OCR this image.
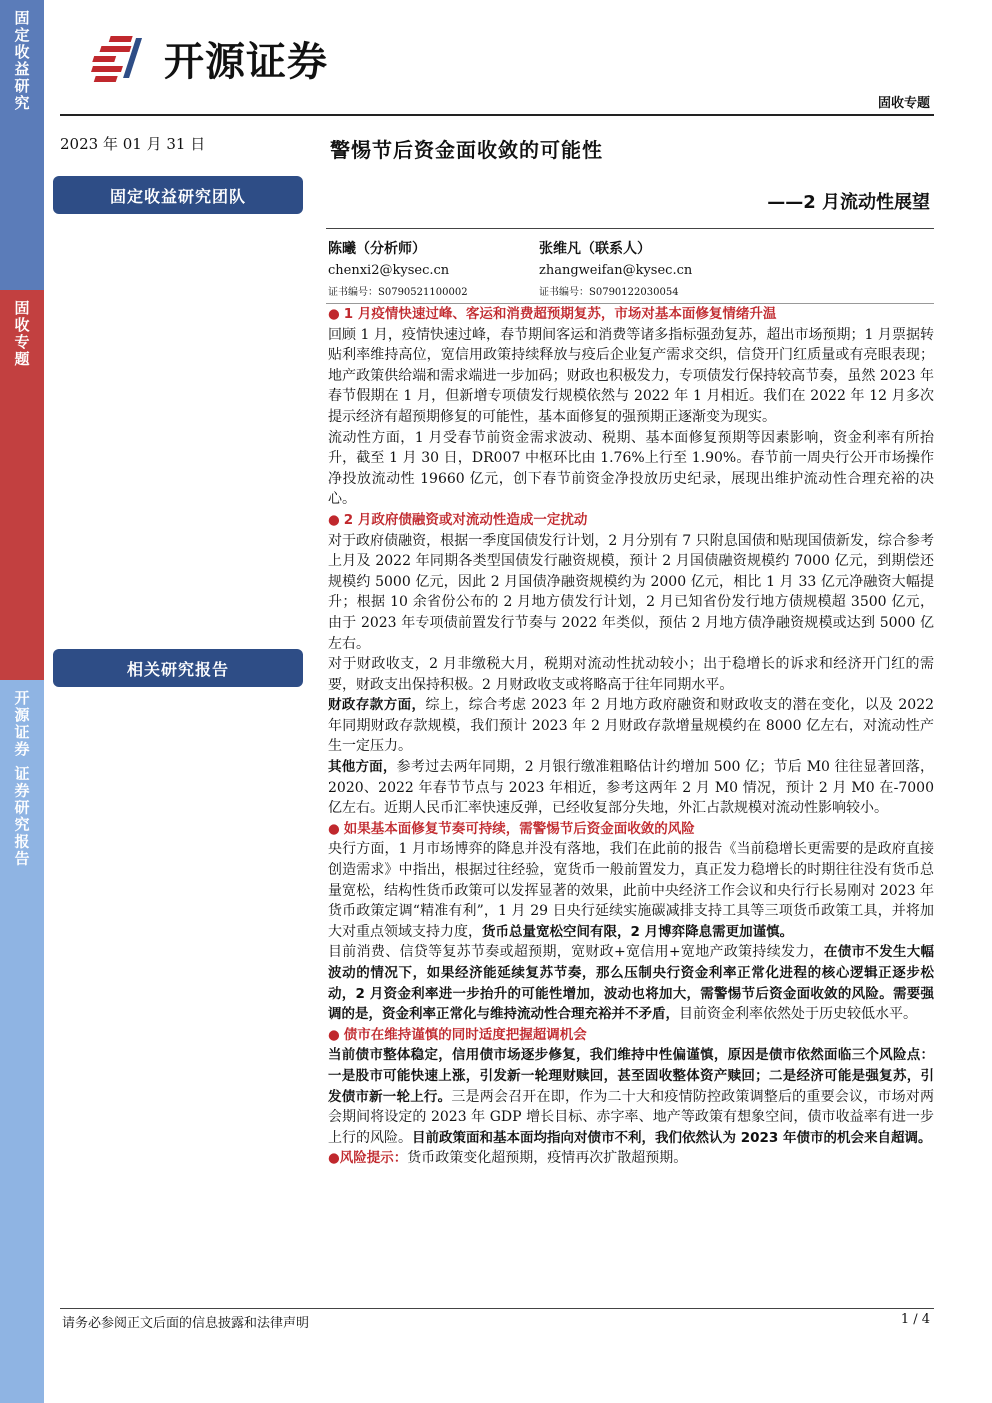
固定收益研究
固收专题
开源证券 证券研究报告
开源证券
固收专题
2023 年 01 月 31 日
固定收益研究团队
相关研究报告
警惕节后资金面收敛的可能性
——2 月流动性展望
陈曦（分析师）
chenxi2@kysec.cn
证书编号：S0790521100002
张维凡（联系人）
zhangweifan@kysec.cn
证书编号：S0790122030054

● 1 月疫情快速过峰、客运和消费超预期复苏，市场对基本面修复情绪升温

回顾 1 月，疫情快速过峰，春节期间客运和消费等诸多指标强劲复苏，超出市场预期；1 月票据转贴利率维持高位，宽信用政策持续释放与疫后企业复产需求交织，信贷开门红质量或有亮眼表现；地产政策供给端和需求端进一步加码；财政也积极发力，专项债发行保持较高节奏，虽然 2023 年春节假期在 1 月，但新增专项债发行规模依然与 2022 年 1 月相近。我们在 2022 年 12 月多次提示经济有超预期修复的可能性，基本面修复的强预期正逐渐变为现实。

流动性方面，1 月受春节前资金需求波动、税期、基本面修复预期等因素影响，资金利率有所抬升，截至 1 月 30 日，DR007 中枢环比由 1.76%上行至 1.90%。春节前一周央行公开市场操作净投放流动性 19660 亿元，创下春节前资金净投放历史纪录，展现出维护流动性合理充裕的决心。

● 2 月政府债融资或对流动性造成一定扰动

对于政府债融资，根据一季度国债发行计划，2 月分别有 7 只附息国债和贴现国债新发，综合参考上月及 2022 年同期各类型国债发行融资规模，预计 2 月国债融资规模约 7000 亿元，到期偿还规模约 5000 亿元，因此 2 月国债净融资规模约为 2000 亿元，相比 1 月 33 亿元净融资大幅提升；根据 10 余省份公布的 2 月地方债发行计划，2 月已知省份发行地方债规模超 3500 亿元，由于 2023 年专项债前置发行节奏与 2022 年类似，预估 2 月地方债净融资规模或达到 5000 亿左右。

对于财政收支，2 月非缴税大月，税期对流动性扰动较小；出于稳增长的诉求和经济开门红的需要，财政支出保持积极。2 月财政收支或将略高于往年同期水平。

财政存款方面，综上，综合考虑 2023 年 2 月地方政府融资和财政收支的潜在变化，以及 2022 年同期财政存款规模，我们预计 2023 年 2 月财政存款增量规模约在 8000 亿左右，对流动性产生一定压力。

其他方面，参考过去两年同期，2 月银行缴准粗略估计约增加 500 亿；节后 M0 往往显著回落，2020、2022 年春节节点与 2023 年相近，参考这两年 2 月 M0 情况，预计 2 月 M0 在-7000 亿左右。近期人民币汇率快速反弹，已经收复部分失地，外汇占款规模对流动性影响较小。

● 如果基本面修复节奏可持续，需警惕节后资金面收敛的风险

央行方面，1 月市场博弈的降息并没有落地，我们在此前的报告《当前稳增长更需要的是政府直接创造需求》中指出，根据过往经验，宽货币一般前置发力，真正发力稳增长的时期往往没有货币总量宽松，结构性货币政策可以发挥显著的效果，此前中央经济工作会议和央行行长易刚对 2023 年货币政策定调“精准有利”，1 月 29 日央行延续实施碳减排支持工具等三项货币政策工具，并将加大对重点领域支持力度，货币总量宽松空间有限，2 月博弈降息需更加谨慎。

目前消费、信贷等复苏节奏或超预期，宽财政+宽信用+宽地产政策持续发力，在债市不发生大幅波动的情况下，如果经济能延续复苏节奏，那么压制央行资金利率正常化进程的核心逻辑正逐步松动，2 月资金利率进一步抬升的可能性增加，波动也将加大，需警惕节后资金面收敛的风险。需要强调的是，资金利率正常化与维持流动性合理充裕并不矛盾，目前资金利率依然处于历史较低水平。

● 债市在维持谨慎的同时适度把握超调机会

当前债市整体稳定，信用债市场逐步修复，我们维持中性偏谨慎，原因是债市依然面临三个风险点：一是股市可能快速上涨，引发新一轮理财赎回，甚至固收整体资产赎回；二是经济可能是强复苏，引发债市新一轮上行。三是两会召开在即，作为二十大和疫情防控政策调整后的重要会议，市场对两会期间将设定的 2023 年 GDP 增长目标、赤字率、地产等政策有想象空间，债市收益率有进一步上行的风险。目前政策面和基本面均指向对债市不利，我们依然认为 2023 年债市的机会来自超调。

●风险提示：货币政策变化超预期，疫情再次扩散超预期。

请务必参阅正文后面的信息披露和法律声明	1 / 4
